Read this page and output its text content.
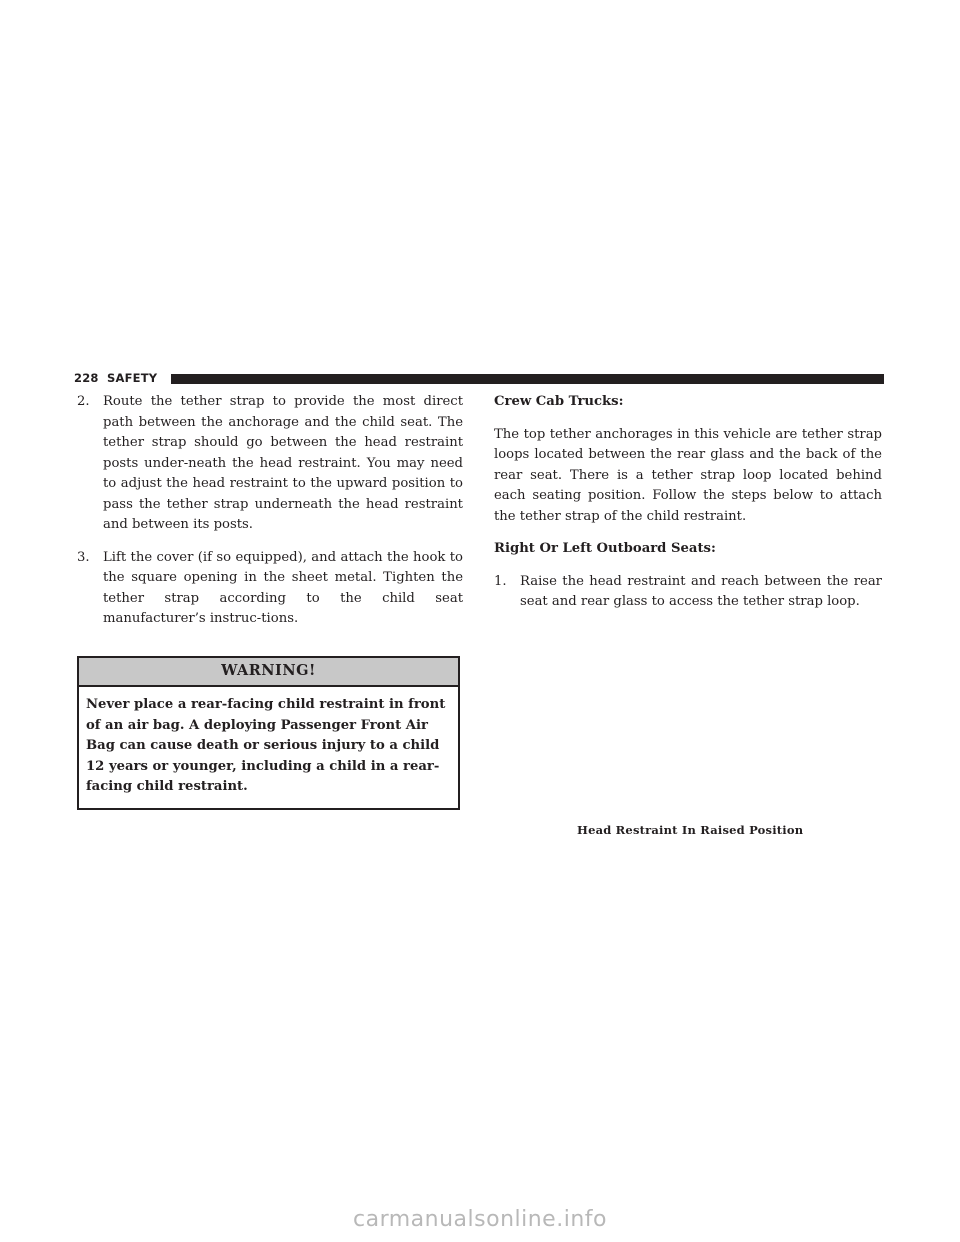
228 SAFETY
2. Route the tether strap to provide the most direct path between the anchorage and the child seat. The tether strap should go between the head restraint posts under-neath the head restraint. You may need to adjust the head restraint to the upward position to pass the tether strap underneath the head restraint and between its posts.
3. Lift the cover (if so equipped), and attach the hook to the square opening in the sheet metal. Tighten the tether strap according to the child seat manufacturer’s instruc-tions.
WARNING!
Never place a rear-facing child restraint in front of an air bag. A deploying Passenger Front Air Bag can cause death or serious injury to a child 12 years or younger, including a child in a rear-facing child restraint.
Crew Cab Trucks:

The top tether anchorages in this vehicle are tether strap loops located between the rear glass and the back of the rear seat. There is a tether strap loop located behind each seating position. Follow the steps below to attach the tether strap of the child restraint.

Right Or Left Outboard Seats:
1. Raise the head restraint and reach between the rear seat and rear glass to access the tether strap loop.
Head Restraint In Raised Position
carmanualsonline.info
